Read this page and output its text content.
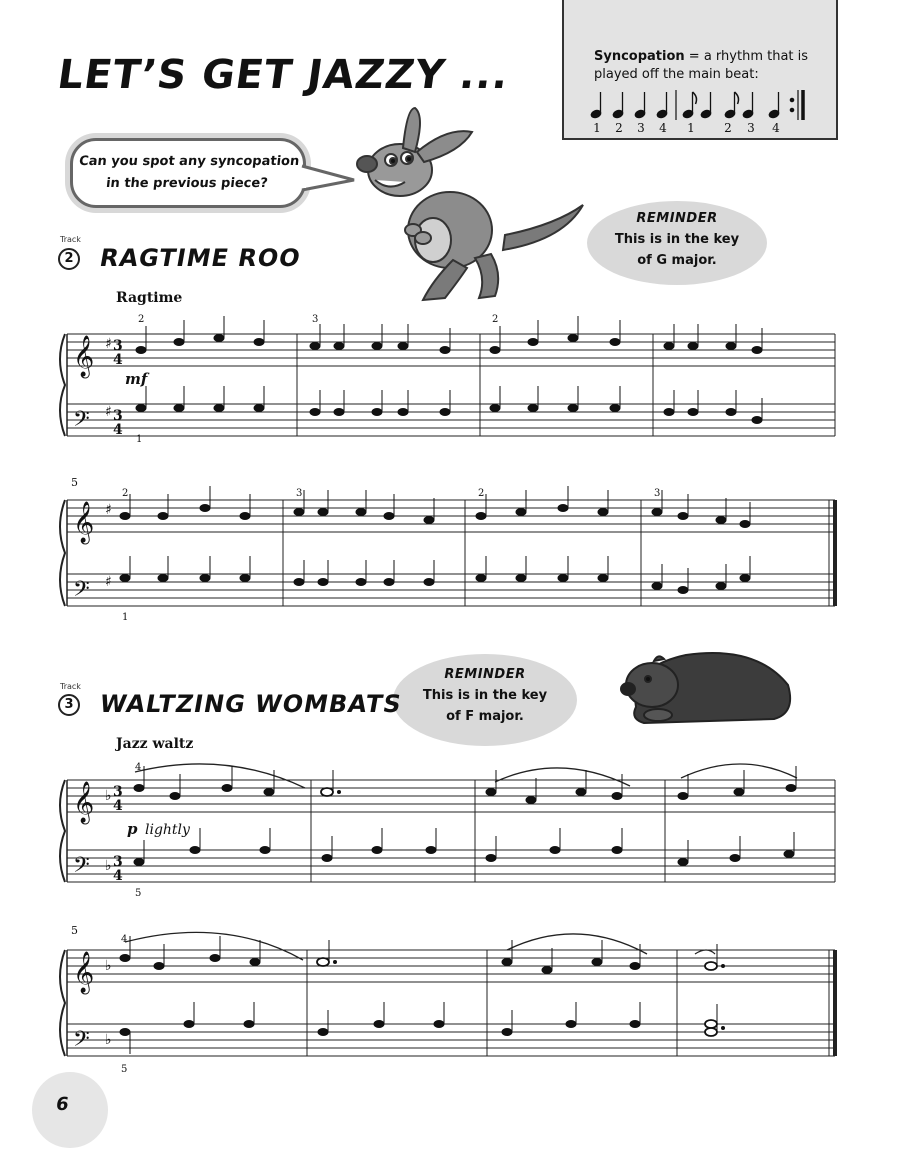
LET’S GET JAZZY ...	Syncopation = a rhythm that is
played off the main beat:
1 2 3 4 1 2 3 4
Can you spot any syncopation
in the previous piece?
REMINDER
This is in the key
of G major.
Track
2 RAGTIME ROO
Ragtime
𝄞
𝄢
♯
♯
3
4
3
4
2	3	2
1
mf
5
𝄞
𝄢
♯
♯
2	3	2	3
1
REMINDER
This is in the key
of F major.
Track
3 WALTZING WOMBATS
Jazz waltz
𝄞
𝄢
♭
♭
3
4
3
4
4
5
p lightly
5
𝄞
𝄢
♭
♭
4
5
6
